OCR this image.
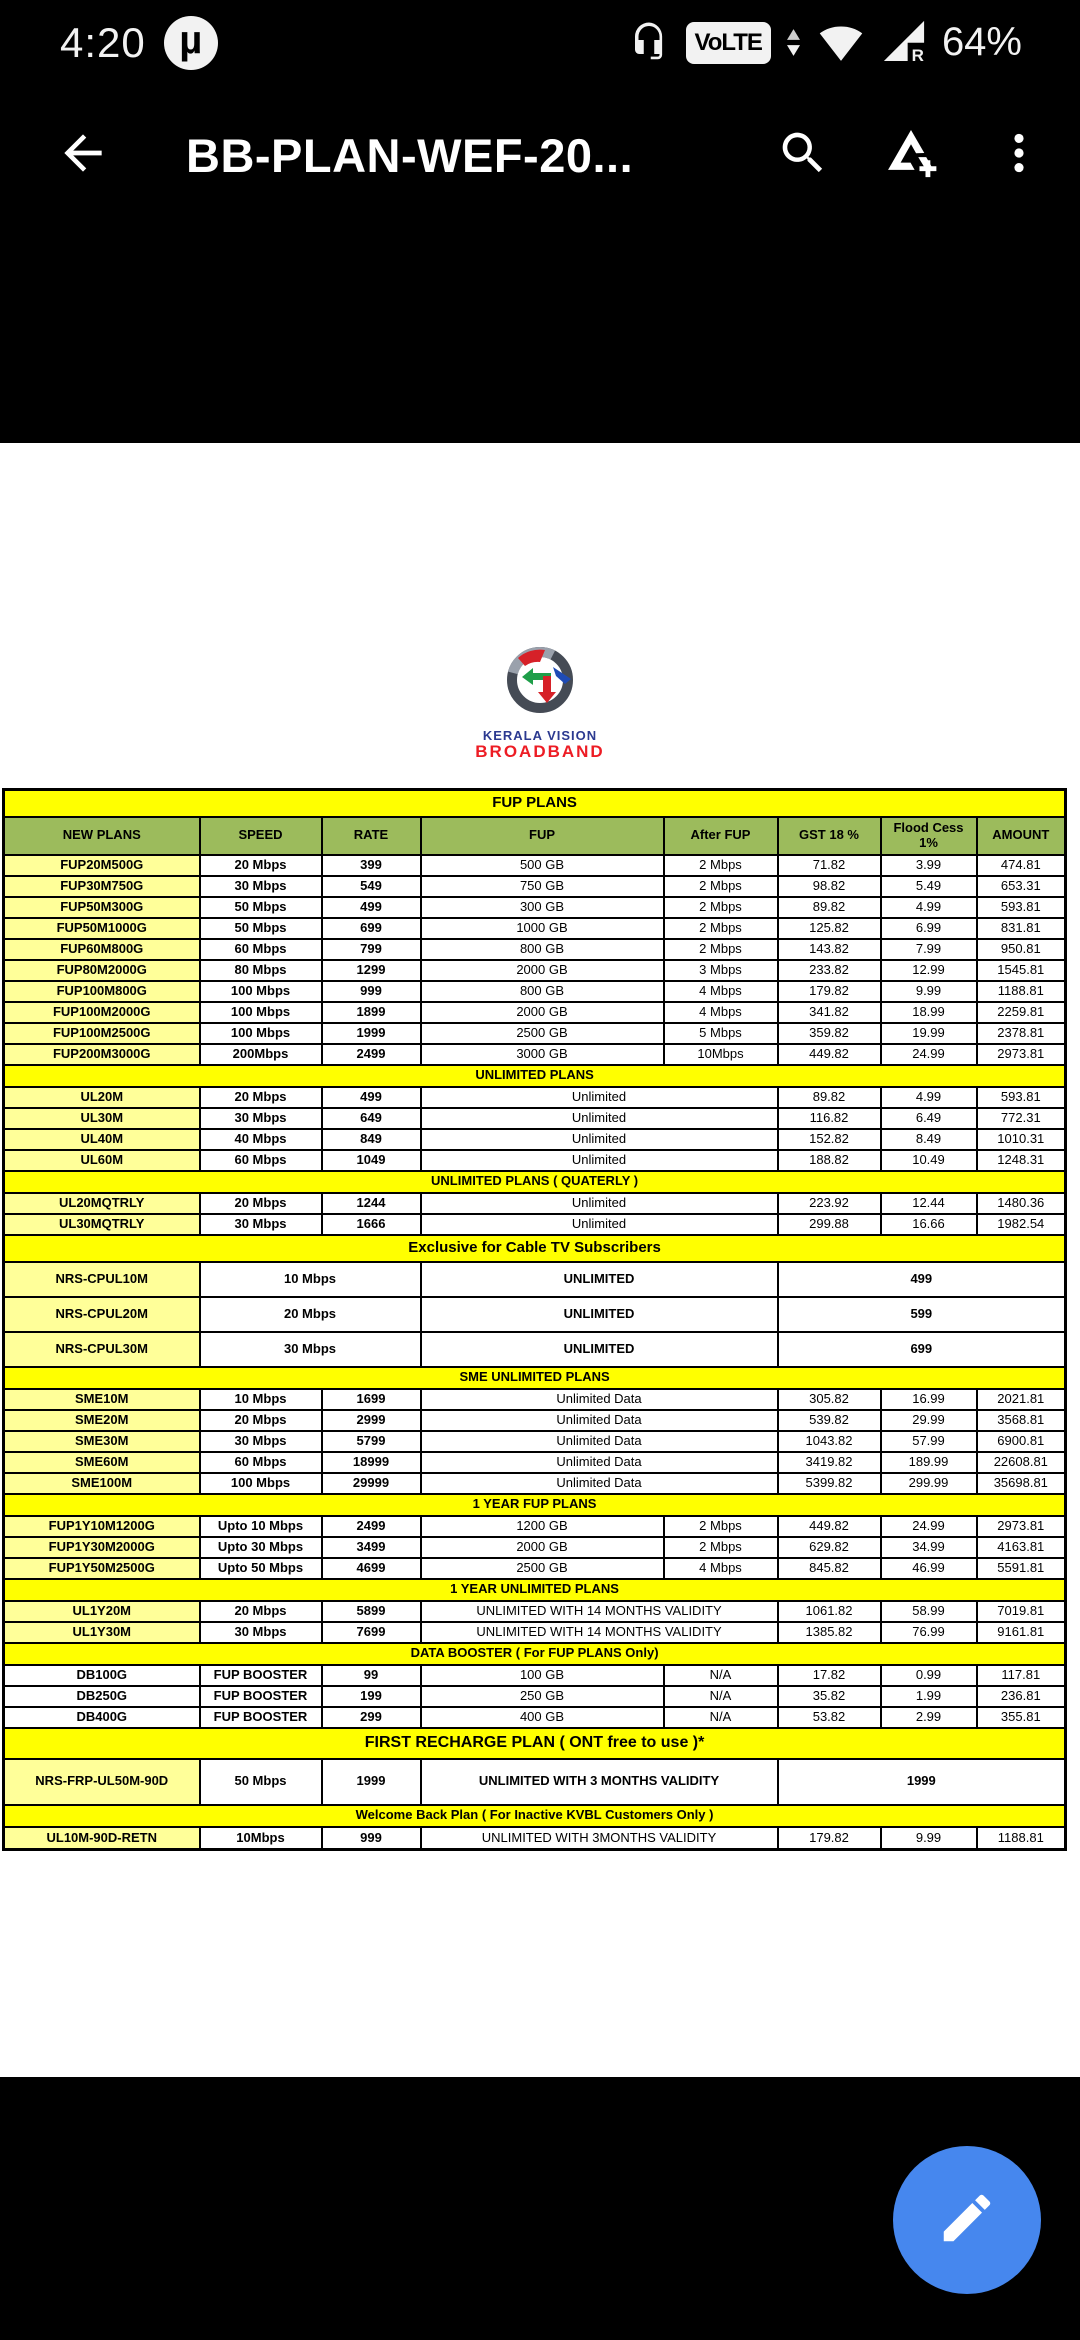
4:20 µ	VoLTE	R 64%
BB-PLAN-WEF-20...
KERALA VISION
BROADBAND
FUP PLANS							
NEW PLANS	SPEED	RATE	FUP	After FUP	GST 18 %	Flood Cess 1%	AMOUNT
FUP20M500G	20 Mbps	399	500 GB	2 Mbps	71.82	3.99	474.81
FUP30M750G	30 Mbps	549	750 GB	2 Mbps	98.82	5.49	653.31
FUP50M300G	50 Mbps	499	300 GB	2 Mbps	89.82	4.99	593.81
FUP50M1000G	50 Mbps	699	1000 GB	2 Mbps	125.82	6.99	831.81
FUP60M800G	60 Mbps	799	800 GB	2 Mbps	143.82	7.99	950.81
FUP80M2000G	80 Mbps	1299	2000 GB	3 Mbps	233.82	12.99	1545.81
FUP100M800G	100 Mbps	999	800 GB	4 Mbps	179.82	9.99	1188.81
FUP100M2000G	100 Mbps	1899	2000 GB	4 Mbps	341.82	18.99	2259.81
FUP100M2500G	100 Mbps	1999	2500 GB	5 Mbps	359.82	19.99	2378.81
FUP200M3000G	200Mbps	2499	3000 GB	10Mbps	449.82	24.99	2973.81
UNLIMITED PLANS							
UL20M	20 Mbps	499	Unlimited		89.82	4.99	593.81
UL30M	30 Mbps	649	Unlimited		116.82	6.49	772.31
UL40M	40 Mbps	849	Unlimited		152.82	8.49	1010.31
UL60M	60 Mbps	1049	Unlimited		188.82	10.49	1248.31
UNLIMITED PLANS ( QUATERLY )							
UL20MQTRLY	20 Mbps	1244	Unlimited		223.92	12.44	1480.36
UL30MQTRLY	30 Mbps	1666	Unlimited		299.88	16.66	1982.54
Exclusive for Cable TV Subscribers							
NRS-CPUL10M	10 Mbps		UNLIMITED		499		
NRS-CPUL20M	20 Mbps		UNLIMITED		599		
NRS-CPUL30M	30 Mbps		UNLIMITED		699		
SME UNLIMITED PLANS							
SME10M	10 Mbps	1699	Unlimited Data		305.82	16.99	2021.81
SME20M	20 Mbps	2999	Unlimited Data		539.82	29.99	3568.81
SME30M	30 Mbps	5799	Unlimited Data		1043.82	57.99	6900.81
SME60M	60 Mbps	18999	Unlimited Data		3419.82	189.99	22608.81
SME100M	100 Mbps	29999	Unlimited Data		5399.82	299.99	35698.81
1 YEAR FUP PLANS							
FUP1Y10M1200G	Upto 10 Mbps	2499	1200 GB	2 Mbps	449.82	24.99	2973.81
FUP1Y30M2000G	Upto 30 Mbps	3499	2000 GB	2 Mbps	629.82	34.99	4163.81
FUP1Y50M2500G	Upto 50 Mbps	4699	2500 GB	4 Mbps	845.82	46.99	5591.81
1 YEAR UNLIMITED PLANS							
UL1Y20M	20 Mbps	5899	UNLIMITED WITH 14 MONTHS VALIDITY		1061.82	58.99	7019.81
UL1Y30M	30 Mbps	7699	UNLIMITED WITH 14 MONTHS VALIDITY		1385.82	76.99	9161.81
DATA BOOSTER ( For FUP PLANS Only)							
DB100G	FUP BOOSTER	99	100 GB	N/A	17.82	0.99	117.81
DB250G	FUP BOOSTER	199	250 GB	N/A	35.82	1.99	236.81
DB400G	FUP BOOSTER	299	400 GB	N/A	53.82	2.99	355.81
FIRST RECHARGE PLAN ( ONT free to use )*							
NRS-FRP-UL50M-90D	50 Mbps	1999	UNLIMITED WITH 3 MONTHS VALIDITY		1999		
Welcome Back Plan ( For Inactive KVBL Customers Only )							
UL10M-90D-RETN	10Mbps	999	UNLIMITED WITH 3MONTHS VALIDITY		179.82	9.99	1188.81
